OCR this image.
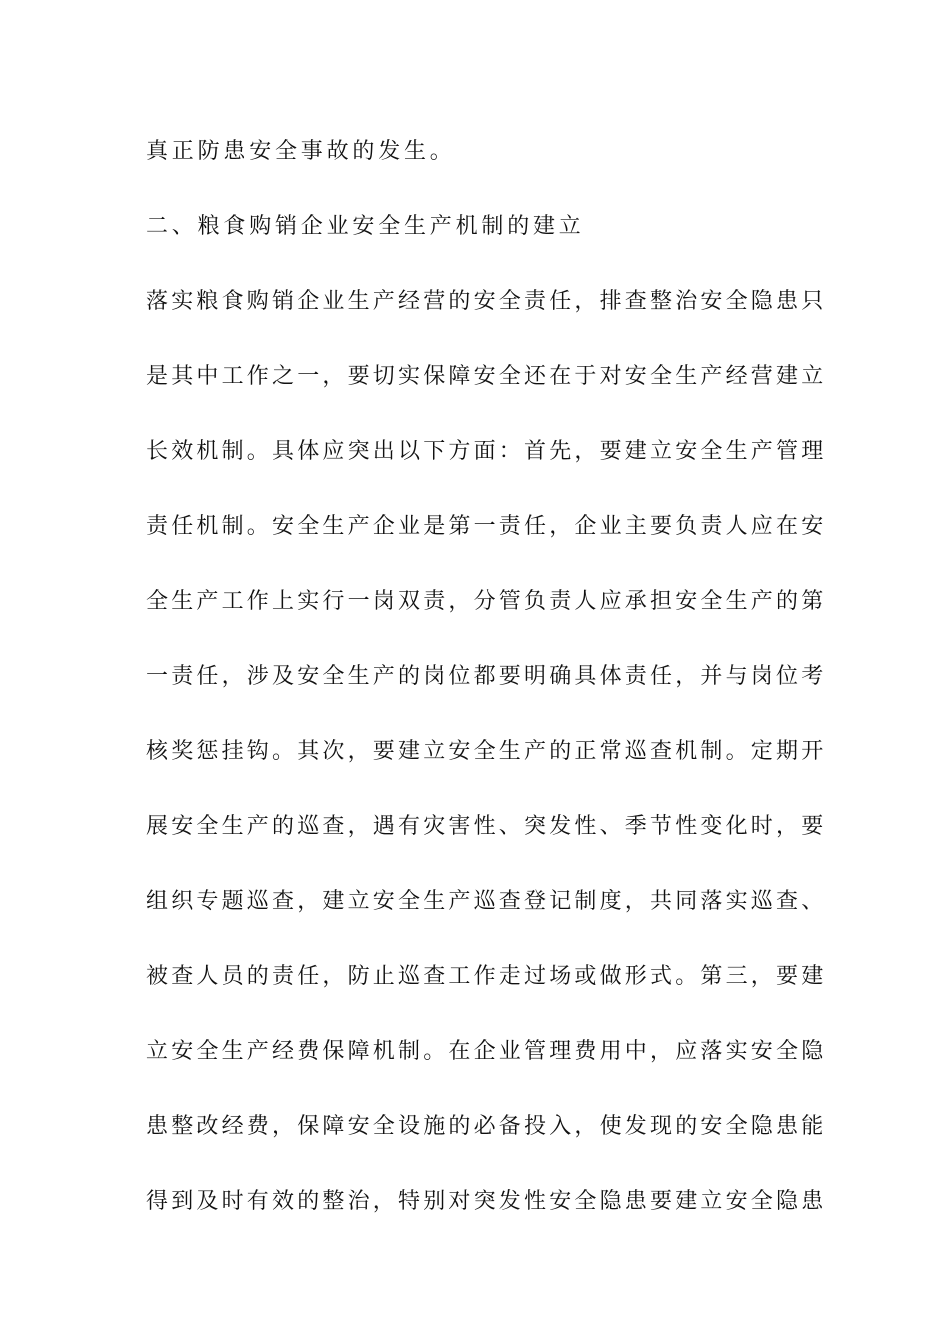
真正防患安全事故的发生。
二、粮食购销企业安全生产机制的建立
落实粮食购销企业生产经营的安全责任，排查整治安全隐患只
是其中工作之一，要切实保障安全还在于对安全生产经营建立
长效机制。具体应突出以下方面：首先，要建立安全生产管理
责任机制。安全生产企业是第一责任，企业主要负责人应在安
全生产工作上实行一岗双责，分管负责人应承担安全生产的第
一责任，涉及安全生产的岗位都要明确具体责任，并与岗位考
核奖惩挂钩。其次，要建立安全生产的正常巡查机制。定期开
展安全生产的巡查，遇有灾害性、突发性、季节性变化时，要
组织专题巡查，建立安全生产巡查登记制度，共同落实巡查、
被查人员的责任，防止巡查工作走过场或做形式。第三，要建
立安全生产经费保障机制。在企业管理费用中，应落实安全隐
患整改经费，保障安全设施的必备投入，使发现的安全隐患能
得到及时有效的整治，特别对突发性安全隐患要建立安全隐患
